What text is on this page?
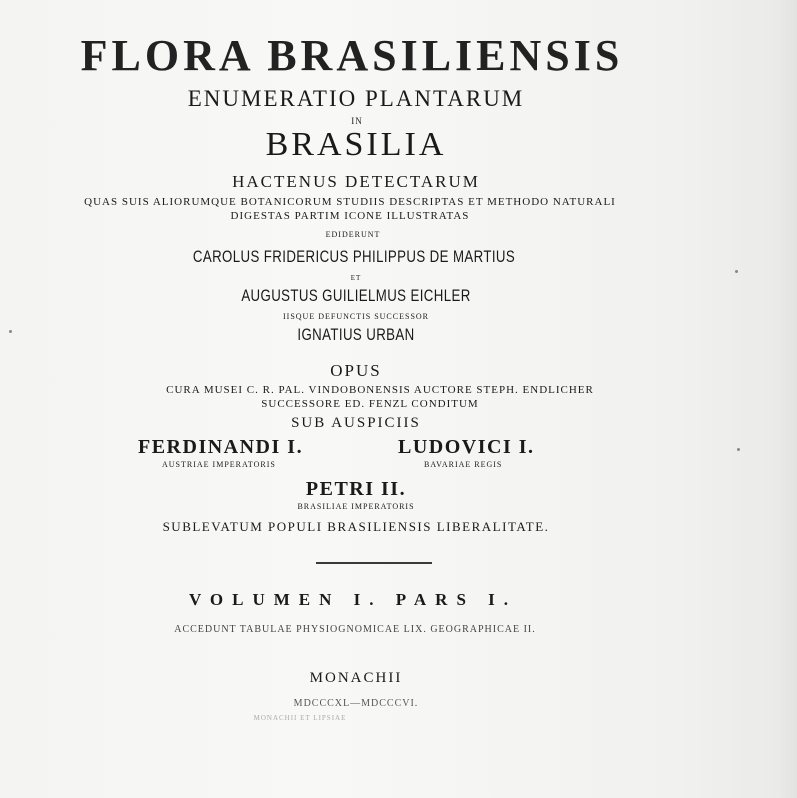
FLORA BRASILIENSIS
ENUMERATIO PLANTARUM
IN
BRASILIA
HACTENUS DETECTARUM
QUAS SUIS ALIORUMQUE BOTANICORUM STUDIIS DESCRIPTAS ET METHODO NATURALI
DIGESTAS PARTIM ICONE ILLUSTRATAS
EDIDERUNT
CAROLUS FRIDERICUS PHILIPPUS DE MARTIUS
ET
AUGUSTUS GUILIELMUS EICHLER
IISQUE DEFUNCTIS SUCCESSOR
IGNATIUS URBAN
OPUS
CURA MUSEI C. R. PAL. VINDOBONENSIS AUCTORE STEPH. ENDLICHER
SUCCESSORE ED. FENZL CONDITUM
SUB AUSPICIIS
FERDINANDI I.	LUDOVICI I.
AUSTRIAE IMPERATORIS	BAVARIAE REGIS
PETRI II.
BRASILIAE IMPERATORIS
SUBLEVATUM POPULI BRASILIENSIS LIBERALITATE.
VOLUMEN I. PARS I.
ACCEDUNT TABULAE PHYSIOGNOMICAE LIX. GEOGRAPHICAE II.
MONACHII
MDCCCXL—MDCCCVI.
MONACHII ET LIPSIAE
